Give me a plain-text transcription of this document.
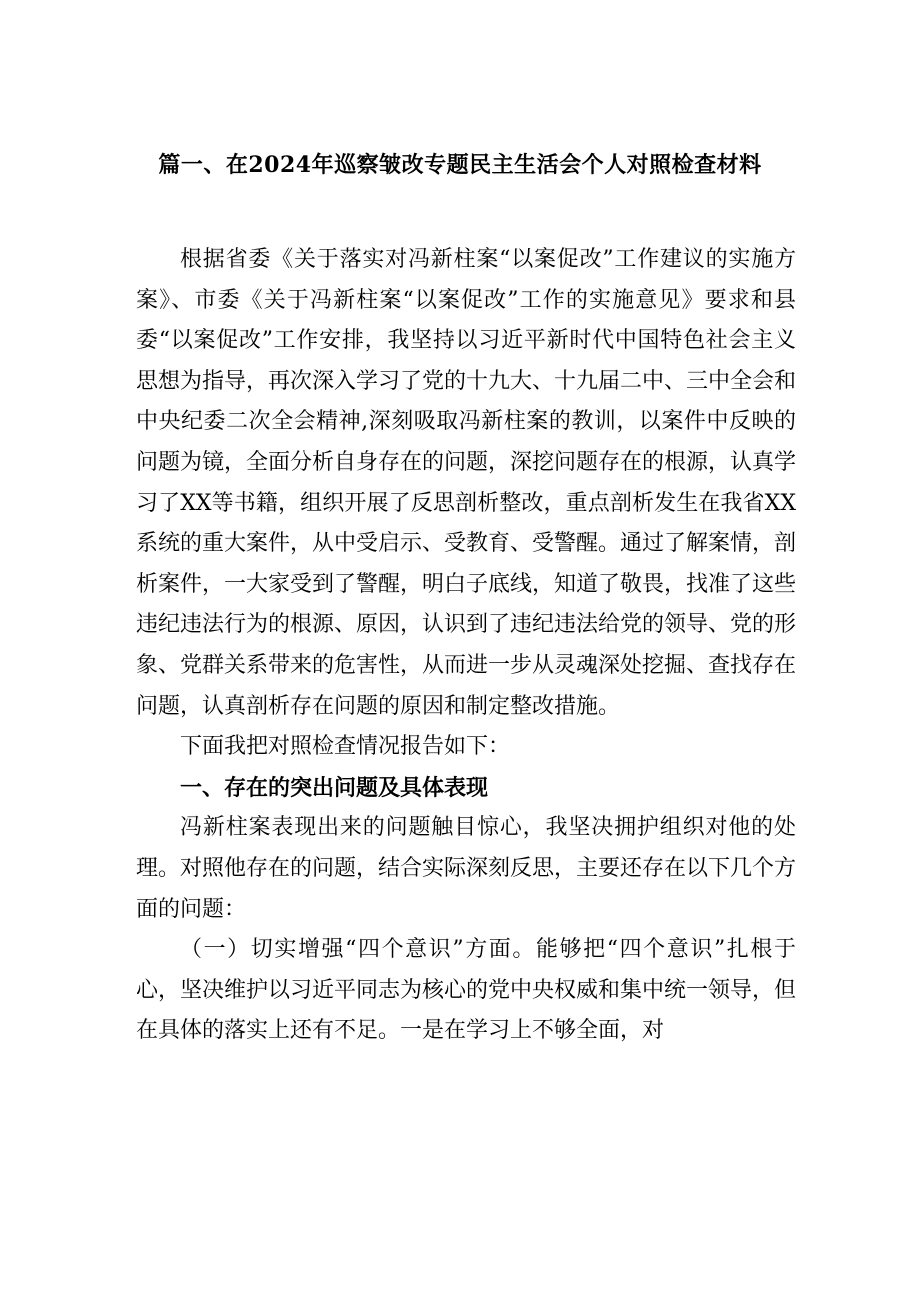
篇一、在2024年巡察皱改专题民主生活会个人对照检查材料

根据省委《关于落实对冯新柱案“以案促改”工作建议的实施方案》、市委《关于冯新柱案“以案促改”工作的实施意见》要求和县委“以案促改”工作安排，我坚持以习近平新时代中国特色社会主义思想为指导，再次深入学习了党的十九大、十九届二中、三中全会和中央纪委二次全会精神,深刻吸取冯新柱案的教训，以案件中反映的问题为镜，全面分析自身存在的问题，深挖问题存在的根源，认真学习了XX等书籍，组织开展了反思剖析整改，重点剖析发生在我省XX系统的重大案件，从中受启示、受教育、受警醒。通过了解案情，剖析案件，一大家受到了警醒，明白子底线，知道了敬畏，找准了这些违纪违法行为的根源、原因，认识到了违纪违法给党的领导、党的形象、党群关系带来的危害性，从而进一步从灵魂深处挖掘、查找存在问题，认真剖析存在问题的原因和制定整改措施。

下面我把对照检查情况报告如下：

一、存在的突出问题及具体表现

冯新柱案表现出来的问题触目惊心，我坚决拥护组织对他的处理。对照他存在的问题，结合实际深刻反思，主要还存在以下几个方面的问题：

（一）切实增强“四个意识”方面。能够把“四个意识”扎根于心，坚决维护以习近平同志为核心的党中央权威和集中统一领导，但在具体的落实上还有不足。一是在学习上不够全面，对
